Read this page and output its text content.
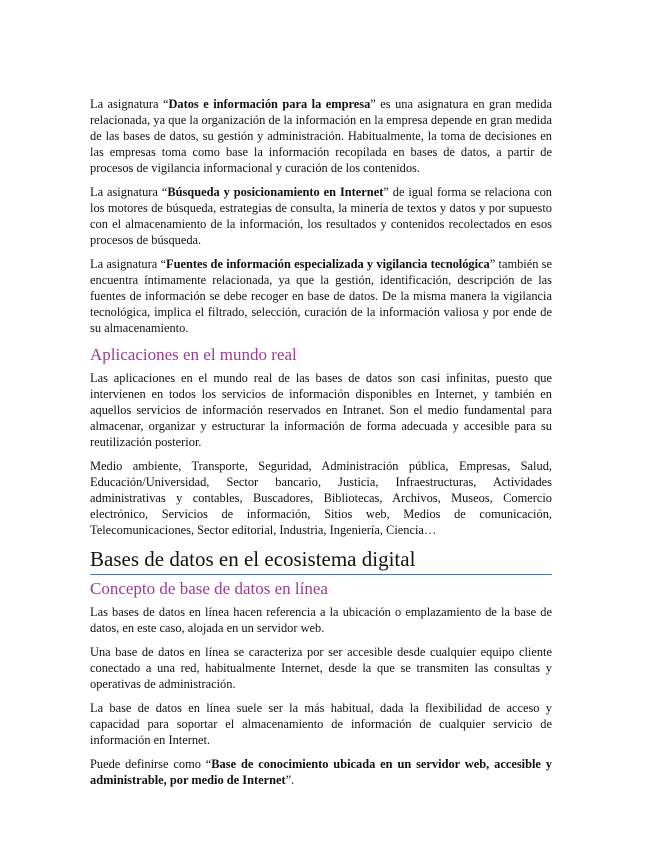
La asignatura “Datos e información para la empresa” es una asignatura en gran medida relacionada, ya que la organización de la información en la empresa depende en gran medida de las bases de datos, su gestión y administración. Habitualmente, la toma de decisiones en las empresas toma como base la información recopilada en bases de datos, a partir de procesos de vigilancia informacional y curación de los contenidos.

La asignatura “Búsqueda y posicionamiento en Internet” de igual forma se relaciona con los motores de búsqueda, estrategias de consulta, la minería de textos y datos y por supuesto con el almacenamiento de la información, los resultados y contenidos recolectados en esos procesos de búsqueda.

La asignatura “Fuentes de información especializada y vigilancia tecnológica” también se encuentra íntimamente relacionada, ya que la gestión, identificación, descripción de las fuentes de información se debe recoger en base de datos. De la misma manera la vigilancia tecnológica, implica el filtrado, selección, curación de la información valiosa y por ende de su almacenamiento.

Aplicaciones en el mundo real

Las aplicaciones en el mundo real de las bases de datos son casi infinitas, puesto que intervienen en todos los servicios de información disponibles en Internet, y también en aquellos servicios de información reservados en Intranet. Son el medio fundamental para almacenar, organizar y estructurar la información de forma adecuada y accesible para su reutilización posterior.

Medio ambiente, Transporte, Seguridad, Administración pública, Empresas, Salud, Educación/Universidad, Sector bancario, Justicia, Infraestructuras, Actividades administrativas y contables, Buscadores, Bibliotecas, Archivos, Museos, Comercio electrónico, Servicios de información, Sitios web, Medios de comunicación, Telecomunicaciones, Sector editorial, Industria, Ingeniería, Ciencia…

Bases de datos en el ecosistema digital
Concepto de base de datos en línea

Las bases de datos en línea hacen referencia a la ubicación o emplazamiento de la base de datos, en este caso, alojada en un servidor web.

Una base de datos en línea se caracteriza por ser accesible desde cualquier equipo cliente conectado a una red, habitualmente Internet, desde la que se transmiten las consultas y operativas de administración.

La base de datos en línea suele ser la más habitual, dada la flexibilidad de acceso y capacidad para soportar el almacenamiento de información de cualquier servicio de información en Internet.

Puede definirse como “Base de conocimiento ubicada en un servidor web, accesible y administrable, por medio de Internet”.
